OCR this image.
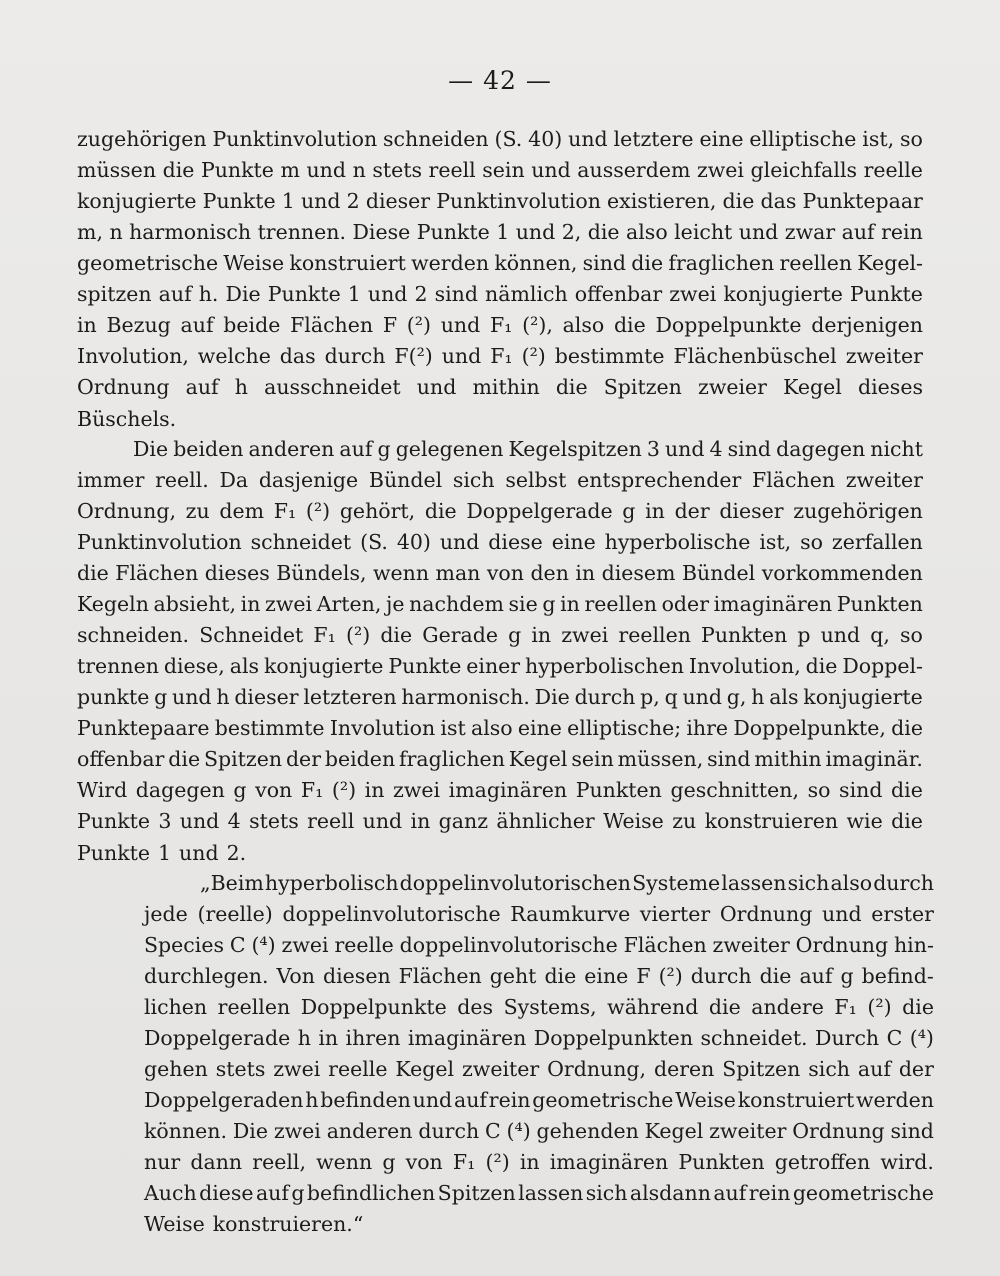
— 42 —
zugehörigen Punktinvolution schneiden (S. 40) und letztere eine elliptische ist, so
müssen die Punkte m und n stets reell sein und ausserdem zwei gleichfalls reelle
konjugierte Punkte 1 und 2 dieser Punktinvolution existieren, die das Punktepaar
m, n harmonisch trennen. Diese Punkte 1 und 2, die also leicht und zwar auf rein
geometrische Weise konstruiert werden können, sind die fraglichen reellen Kegel-
spitzen auf h. Die Punkte 1 und 2 sind nämlich offenbar zwei konjugierte Punkte
in Bezug auf beide Flächen F (²) und F₁ (²), also die Doppelpunkte derjenigen
Involution, welche das durch F(²) und F₁ (²) bestimmte Flächenbüschel zweiter
Ordnung auf h ausschneidet und mithin die Spitzen zweier Kegel dieses
Büschels.
Die beiden anderen auf g gelegenen Kegelspitzen 3 und 4 sind dagegen nicht
immer reell. Da dasjenige Bündel sich selbst entsprechender Flächen zweiter
Ordnung, zu dem F₁ (²) gehört, die Doppelgerade g in der dieser zugehörigen
Punktinvolution schneidet (S. 40) und diese eine hyperbolische ist, so zerfallen
die Flächen dieses Bündels, wenn man von den in diesem Bündel vorkommenden
Kegeln absieht, in zwei Arten, je nachdem sie g in reellen oder imaginären Punkten
schneiden. Schneidet F₁ (²) die Gerade g in zwei reellen Punkten p und q, so
trennen diese, als konjugierte Punkte einer hyperbolischen Involution, die Doppel-
punkte g und h dieser letzteren harmonisch. Die durch p, q und g, h als konjugierte
Punktepaare bestimmte Involution ist also eine elliptische; ihre Doppelpunkte, die
offenbar die Spitzen der beiden fraglichen Kegel sein müssen, sind mithin imaginär.
Wird dagegen g von F₁ (²) in zwei imaginären Punkten geschnitten, so sind die
Punkte 3 und 4 stets reell und in ganz ähnlicher Weise zu konstruieren wie die
Punkte 1 und 2.
„Beim hyperbolisch doppelinvolutorischen Systeme lassen sich also durch
jede (reelle) doppelinvolutorische Raumkurve vierter Ordnung und erster
Species C (⁴) zwei reelle doppelinvolutorische Flächen zweiter Ordnung hin-
durchlegen. Von diesen Flächen geht die eine F (²) durch die auf g befind-
lichen reellen Doppelpunkte des Systems, während die andere F₁ (²) die
Doppelgerade h in ihren imaginären Doppelpunkten schneidet. Durch C (⁴)
gehen stets zwei reelle Kegel zweiter Ordnung, deren Spitzen sich auf der
Doppelgeraden h befinden und auf rein geometrische Weise konstruiert werden
können. Die zwei anderen durch C (⁴) gehenden Kegel zweiter Ordnung sind
nur dann reell, wenn g von F₁ (²) in imaginären Punkten getroffen wird.
Auch diese auf g befindlichen Spitzen lassen sich alsdann auf rein geometrische
Weise konstruieren.“
